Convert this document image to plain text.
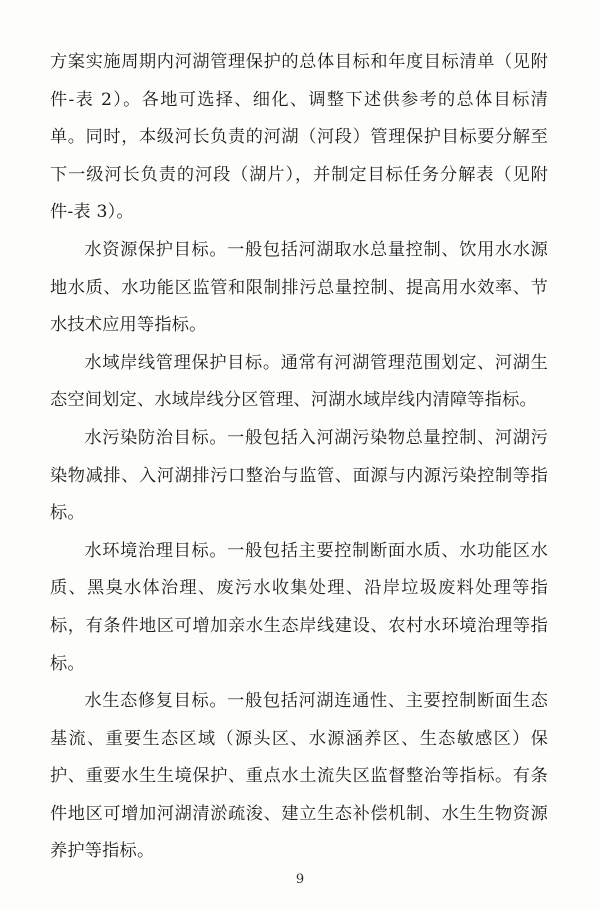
方案实施周期内河湖管理保护的总体目标和年度目标清单（见附件-表 2）。各地可选择、细化、调整下述供参考的总体目标清单。同时，本级河长负责的河湖（河段）管理保护目标要分解至下一级河长负责的河段（湖片），并制定目标任务分解表（见附件-表 3）。

水资源保护目标。一般包括河湖取水总量控制、饮用水水源地水质、水功能区监管和限制排污总量控制、提高用水效率、节水技术应用等指标。

水域岸线管理保护目标。通常有河湖管理范围划定、河湖生态空间划定、水域岸线分区管理、河湖水域岸线内清障等指标。

水污染防治目标。一般包括入河湖污染物总量控制、河湖污染物减排、入河湖排污口整治与监管、面源与内源污染控制等指标。

水环境治理目标。一般包括主要控制断面水质、水功能区水质、黑臭水体治理、废污水收集处理、沿岸垃圾废料处理等指标，有条件地区可增加亲水生态岸线建设、农村水环境治理等指标。

水生态修复目标。一般包括河湖连通性、主要控制断面生态基流、重要生态区域（源头区、水源涵养区、生态敏感区）保护、重要水生生境保护、重点水土流失区监督整治等指标。有条件地区可增加河湖清淤疏浚、建立生态补偿机制、水生生物资源养护等指标。

9
